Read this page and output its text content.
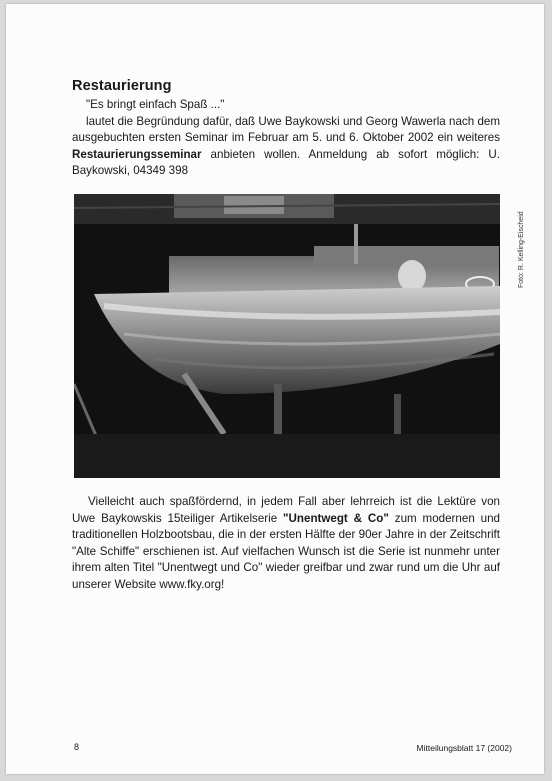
Restaurierung
"Es bringt einfach Spaß ..."
lautet die Begründung dafür, daß Uwe Baykowski und Georg Wawerla nach dem ausgebuchten ersten Seminar im Februar am 5. und 6. Oktober 2002 ein weiteres Restaurierungsseminar anbieten wollen. Anmeldung ab sofort möglich: U. Baykowski, 04349 398
Foto: R. Kelling-Eischeid
Vielleicht auch spaßfördernd, in jedem Fall aber lehrreich ist die Lektüre von Uwe Baykowskis 15teiliger Artikelserie "Unentwegt & Co" zum modernen und traditionellen Holzbootsbau, die in der ersten Hälfte der 90er Jahre in der Zeitschrift "Alte Schiffe" erschienen ist. Auf vielfachen Wunsch ist die Serie ist nunmehr unter ihrem alten Titel "Unentwegt und Co" wieder greifbar und zwar rund um die Uhr auf unserer Website www.fky.org!
8	Mitteilungsblatt 17 (2002)
